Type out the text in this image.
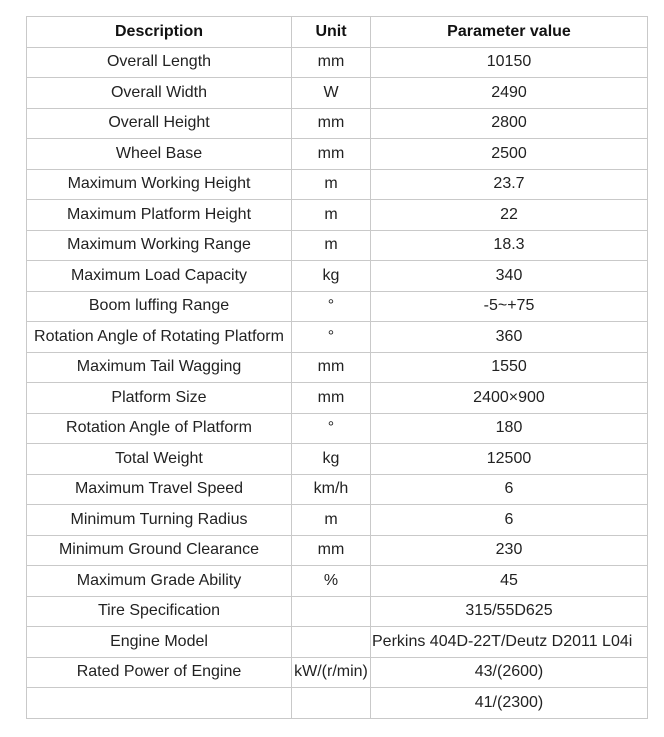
Description	Unit	Parameter value
Overall Length	mm	10150
Overall Width	W	2490
Overall Height	mm	2800
Wheel Base	mm	2500
Maximum Working Height	m	23.7
Maximum Platform Height	m	22
Maximum Working Range	m	18.3
Maximum Load Capacity	kg	340
Boom luffing Range	°	-5~+75
Rotation Angle of Rotating Platform	°	360
Maximum Tail Wagging	mm	1550
Platform Size	mm	2400×900
Rotation Angle of Platform	°	180
Total Weight	kg	12500
Maximum Travel Speed	km/h	6
Minimum Turning Radius	m	6
Minimum Ground Clearance	mm	230
Maximum Grade Ability	%	45
Tire Specification		315/55D625
Engine Model		Perkins 404D-22T/Deutz D2011 L04i
Rated Power of Engine	kW/(r/min)	43/(2600)
		41/(2300)
